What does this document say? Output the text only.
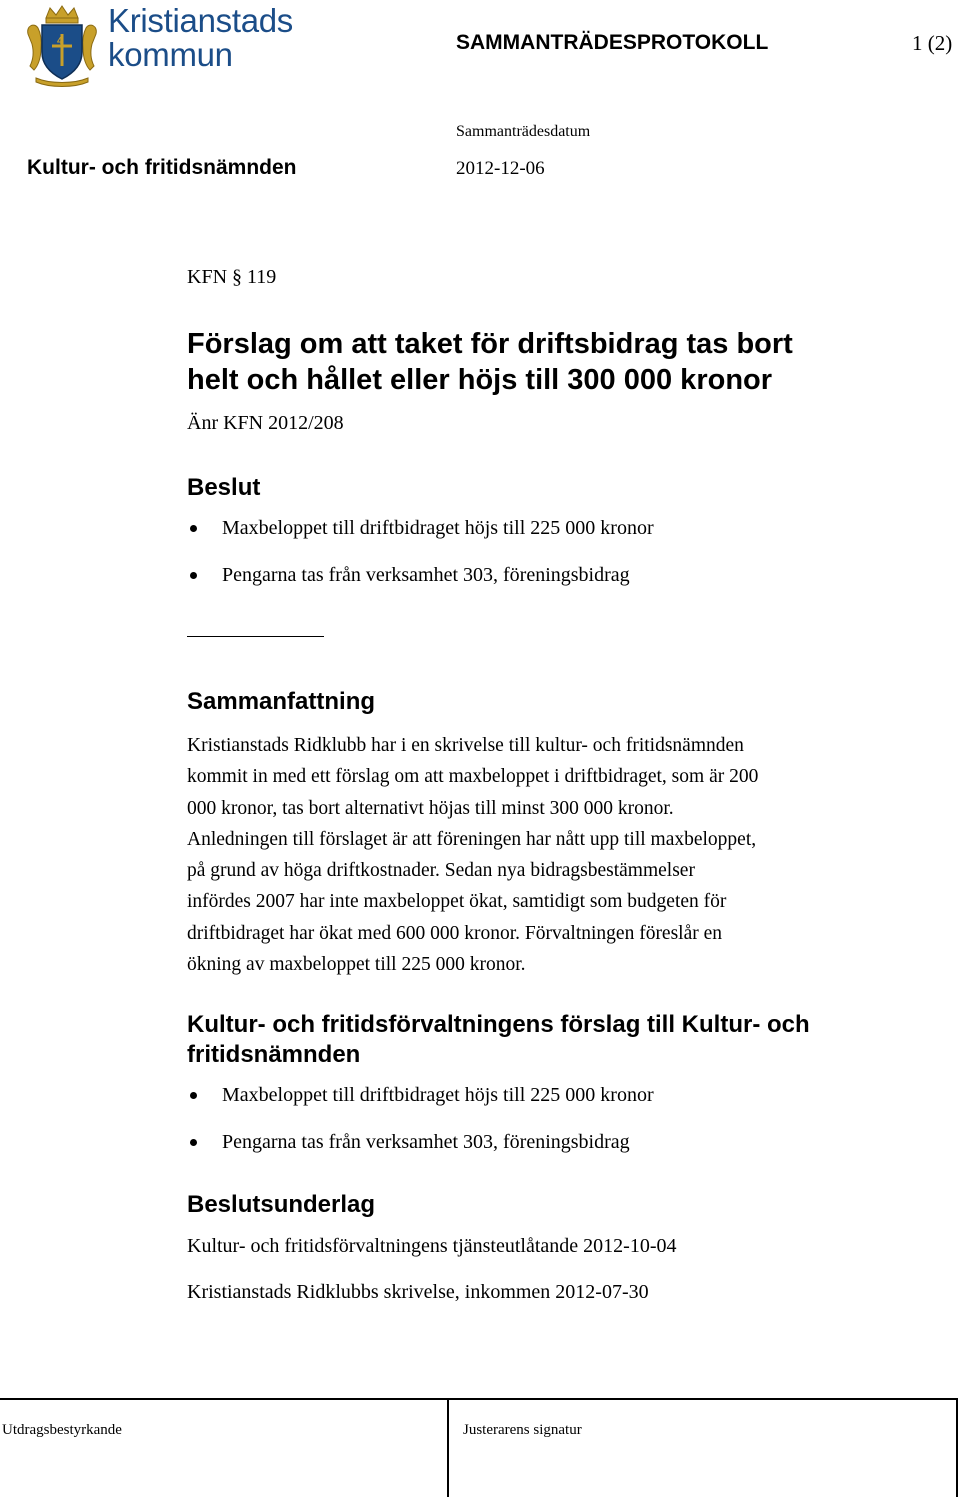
4
Kristianstads
kommun	SAMMANTRÄDESPROTOKOLL	1 (2)
Sammanträdesdatum
Kultur- och fritidsnämnden	2012-12-06
KFN § 119
Förslag om att taket för driftsbidrag tas bort
helt och hållet eller höjs till 300 000 kronor
Änr KFN 2012/208
Beslut
Maxbeloppet till driftbidraget höjs till 225 000 kronor
Pengarna tas från verksamhet 303, föreningsbidrag
Sammanfattning
Kristianstads Ridklubb har i en skrivelse till kultur- och fritidsnämnden
kommit in med ett förslag om att maxbeloppet i driftbidraget, som är 200
000 kronor, tas bort alternativt höjas till minst 300 000 kronor.
Anledningen till förslaget är att föreningen har nått upp till maxbeloppet,
på grund av höga driftkostnader. Sedan nya bidragsbestämmelser
infördes 2007 har inte maxbeloppet ökat, samtidigt som budgeten för
driftbidraget har ökat med 600 000 kronor. Förvaltningen föreslår en
ökning av maxbeloppet till 225 000 kronor.
Kultur- och fritidsförvaltningens förslag till Kultur- och
fritidsnämnden
Maxbeloppet till driftbidraget höjs till 225 000 kronor
Pengarna tas från verksamhet 303, föreningsbidrag
Beslutsunderlag
Kultur- och fritidsförvaltningens tjänsteutlåtande 2012-10-04
Kristianstads Ridklubbs skrivelse, inkommen 2012-07-30
Utdragsbestyrkande	Justerarens signatur
